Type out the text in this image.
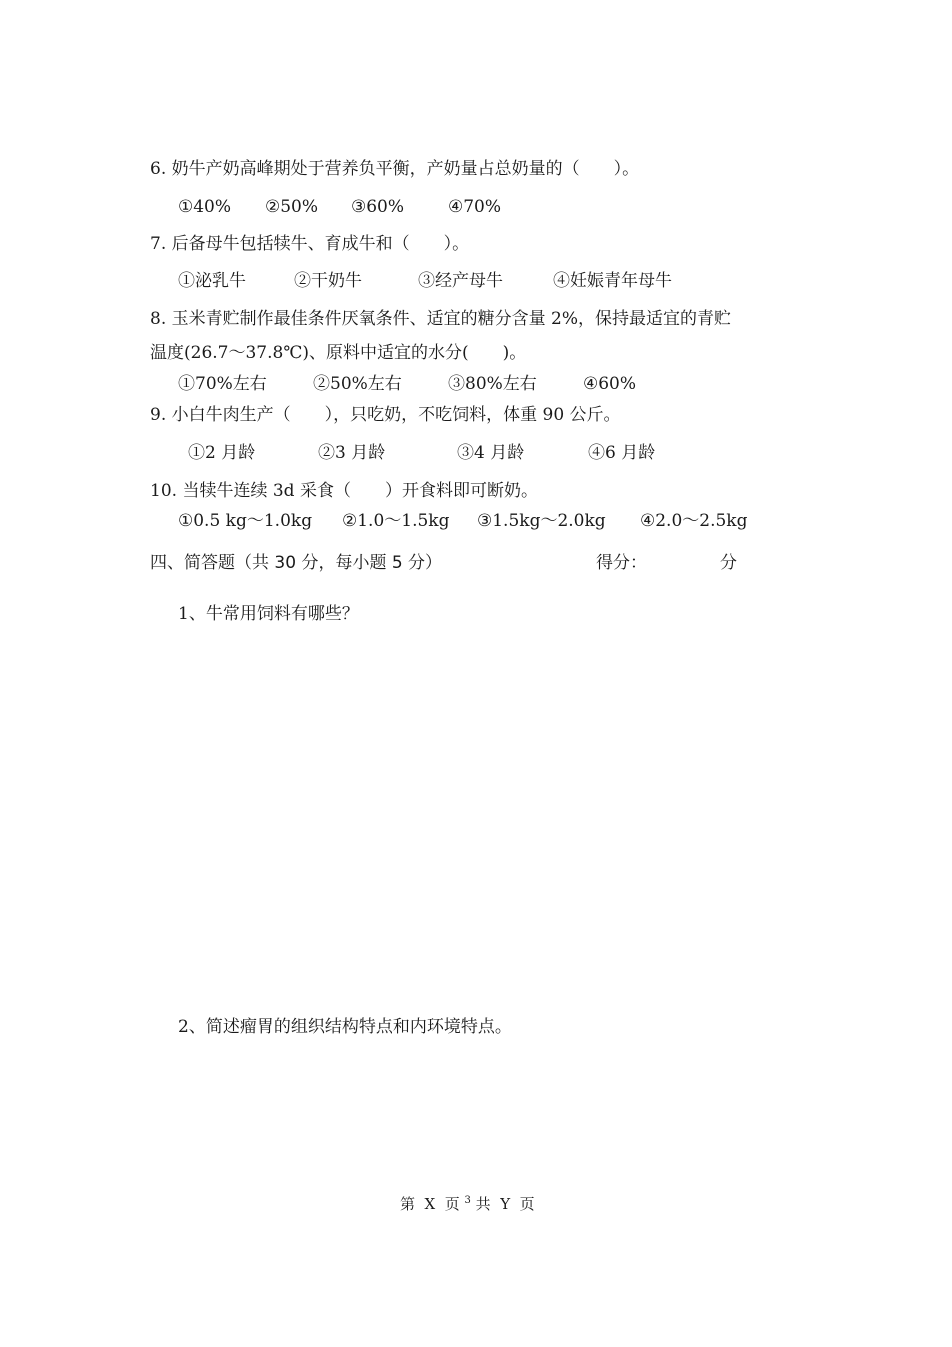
6. 奶牛产奶高峰期处于营养负平衡，产奶量占总奶量的（　　）。
①40% ②50% ③60%	④70%
7. 后备母牛包括犊牛、育成牛和（　　）。
①泌乳牛	②干奶牛	③经产母牛	④妊娠青年母牛
8. 玉米青贮制作最佳条件厌氧条件、适宜的糖分含量 2%，保持最适宜的青贮
温度(26.7～37.8℃)、原料中适宜的水分(　　)。
①70%左右	②50%左右	③80%左右	④60%
9. 小白牛肉生产（　　），只吃奶，不吃饲料，体重 90 公斤。
①2 月龄	②3 月龄	③4 月龄	④6 月龄
10. 当犊牛连续 3d 采食（　　）开食料即可断奶。
①0.5 kg～1.0kg ②1.0～1.5kg ③1.5kg～2.0kg ④2.0～2.5kg
四、简答题（共 30 分，每小题 5 分）	得分：	分
1、牛常用饲料有哪些？
2、简述瘤胃的组织结构特点和内环境特点。
第  X  页 $^3$ 共  Y  页
